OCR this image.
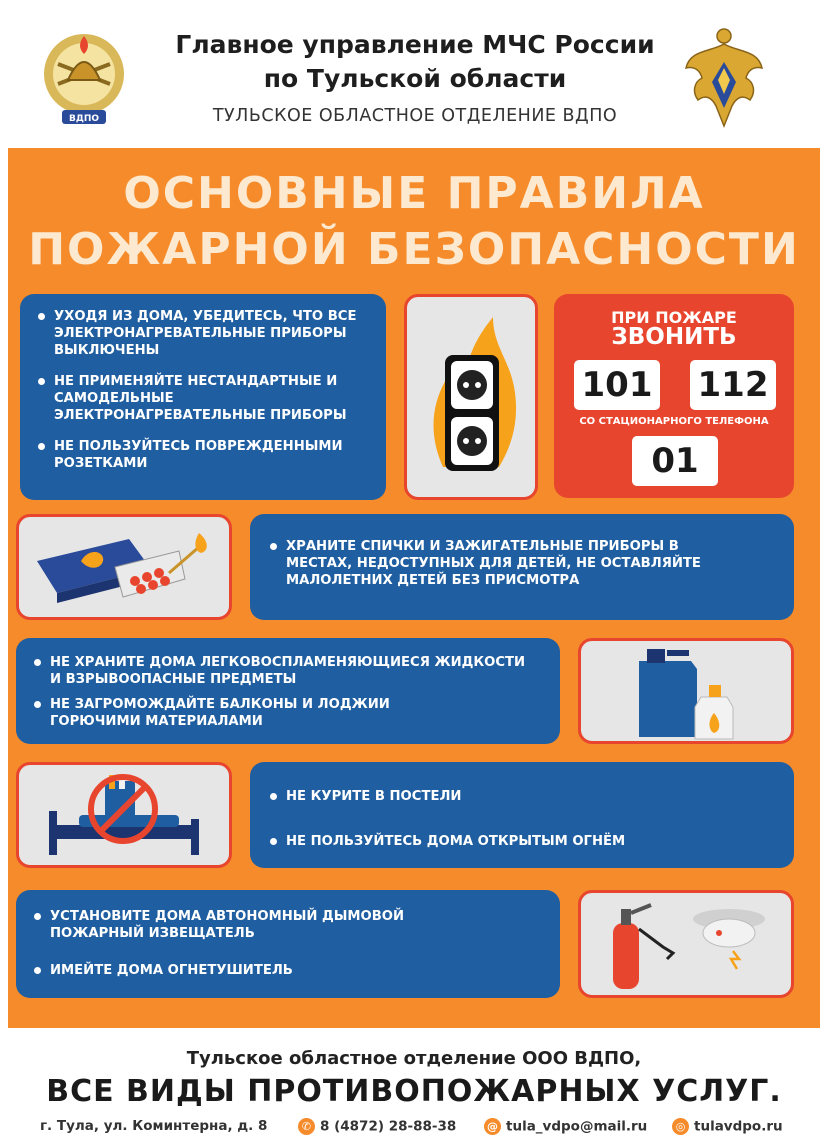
ВДПО
Главное управление МЧС России
по Тульской области
ТУЛЬСКОЕ ОБЛАСТНОЕ ОТДЕЛЕНИЕ ВДПО
ОСНОВНЫЕ ПРАВИЛА
ПОЖАРНОЙ БЕЗОПАСНОСТИ
УХОДЯ ИЗ ДОМА, УБЕДИТЕСЬ, ЧТО ВСЕ ЭЛЕКТРОНАГРЕВАТЕЛЬНЫЕ ПРИБОРЫ ВЫКЛЮЧЕНЫ
НЕ ПРИМЕНЯЙТЕ НЕСТАНДАРТНЫЕ И САМОДЕЛЬНЫЕ ЭЛЕКТРОНАГРЕВАТЕЛЬНЫЕ ПРИБОРЫ
НЕ ПОЛЬЗУЙТЕСЬ ПОВРЕЖДЕННЫМИ РОЗЕТКАМИ
ПРИ ПОЖАРЕ
ЗВОНИТЬ
101 112
СО СТАЦИОНАРНОГО ТЕЛЕФОНА
01
ХРАНИТЕ СПИЧКИ И ЗАЖИГАТЕЛЬНЫЕ ПРИБОРЫ В МЕСТАХ, НЕДОСТУПНЫХ ДЛЯ ДЕТЕЙ, НЕ ОСТАВЛЯЙТЕ МАЛОЛЕТНИХ ДЕТЕЙ БЕЗ ПРИСМОТРА
НЕ ХРАНИТЕ ДОМА ЛЕГКОВОСПЛАМЕНЯЮЩИЕСЯ ЖИДКОСТИ И ВЗРЫВООПАСНЫЕ ПРЕДМЕТЫ
НЕ ЗАГРОМОЖДАЙТЕ БАЛКОНЫ И ЛОДЖИИ ГОРЮЧИМИ МАТЕРИАЛАМИ
НЕ КУРИТЕ В ПОСТЕЛИ
НЕ ПОЛЬЗУЙТЕСЬ ДОМА ОТКРЫТЫМ ОГНЁМ
УСТАНОВИТЕ ДОМА АВТОНОМНЫЙ ДЫМОВОЙ ПОЖАРНЫЙ ИЗВЕЩАТЕЛЬ
ИМЕЙТЕ ДОМА ОГНЕТУШИТЕЛЬ
Тульское областное отделение ООО ВДПО,
ВСЕ ВИДЫ ПРОТИВОПОЖАРНЫХ УСЛУГ.
г. Тула, ул. Коминтерна, д. 8	✆ 8 (4872) 28-88-38	@ tula_vdpo@mail.ru	◎ tulavdpo.ru
